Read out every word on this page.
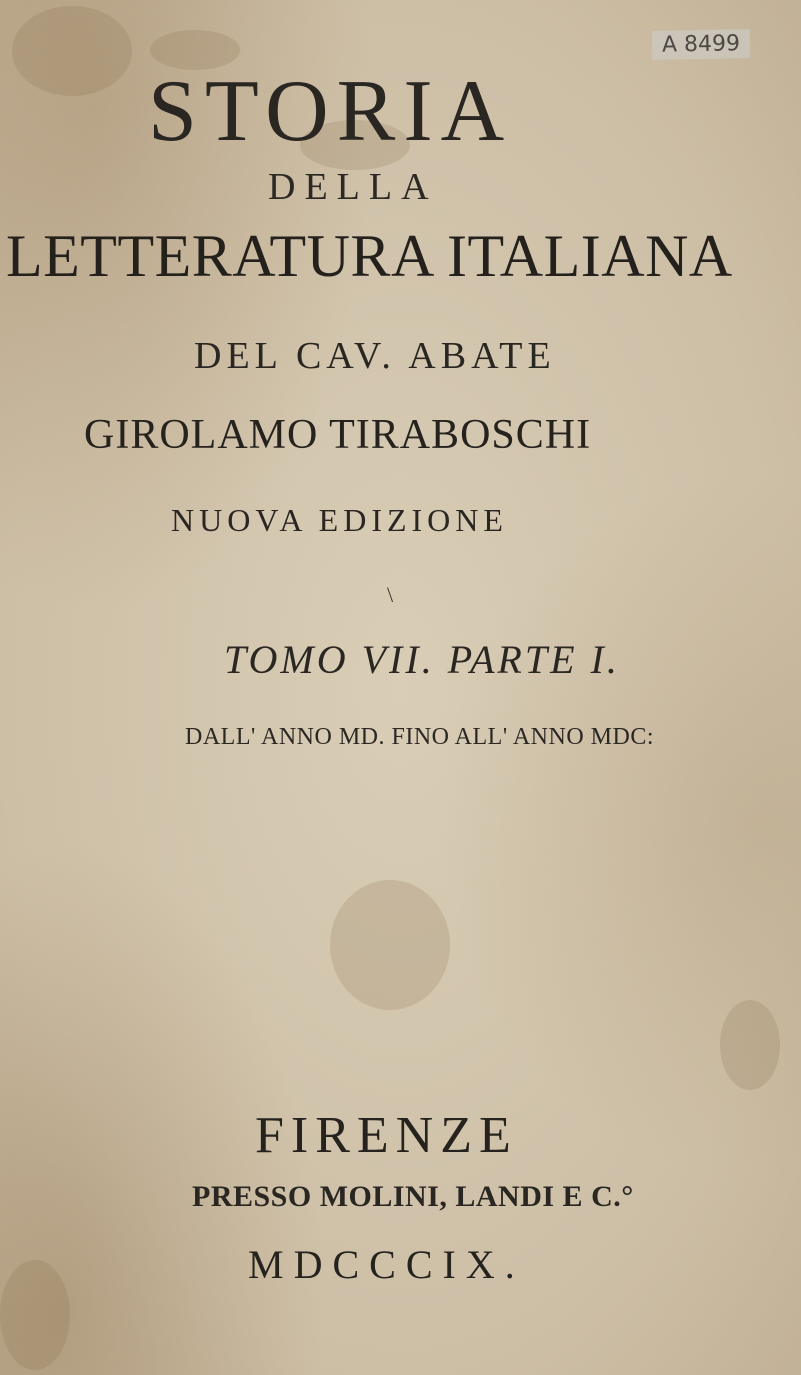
A 8499
STORIA
DELLA
LETTERATURA ITALIANA
DEL CAV. ABATE
GIROLAMO TIRABOSCHI
NUOVA EDIZIONE
\
TOMO VII. PARTE I.
DALL' ANNO MD. FINO ALL' ANNO MDC:
FIRENZE
PRESSO MOLINI, LANDI E C.°
MDCCCIX.
